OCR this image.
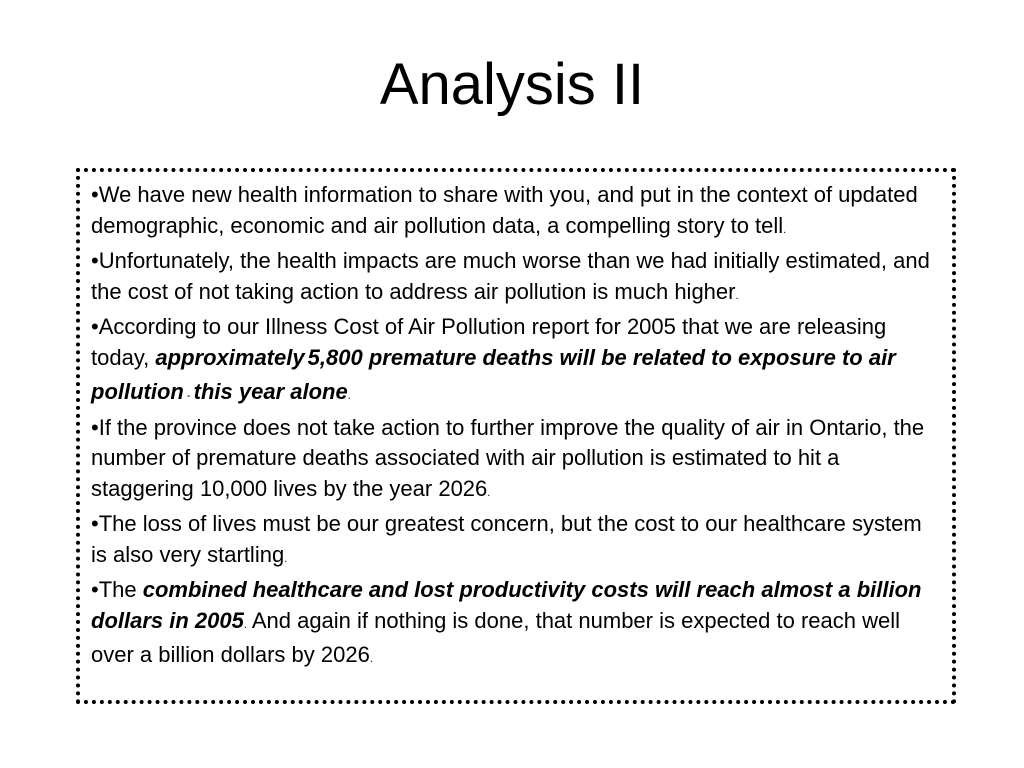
Analysis II

•We have new health information to share with you, and put in the context of updated demographic, economic and air pollution data, a compelling story to tell.

•Unfortunately, the health impacts are much worse than we had initially estimated, and the cost of not taking action to address air pollution is much higher.

•According to our Illness Cost of Air Pollution report for 2005 that we are releasing today, approximately 5,800 premature deaths will be related to exposure to air pollution - this year alone.

•If the province does not take action to further improve the quality of air in Ontario, the number of premature deaths associated with air pollution is estimated to hit a staggering 10,000 lives by the year 2026.

•The loss of lives must be our greatest concern, but the cost to our healthcare system is also very startling.

•The combined healthcare and lost productivity costs will reach almost a billion dollars in 2005. And again if nothing is done, that number is expected to reach well over a billion dollars by 2026.
